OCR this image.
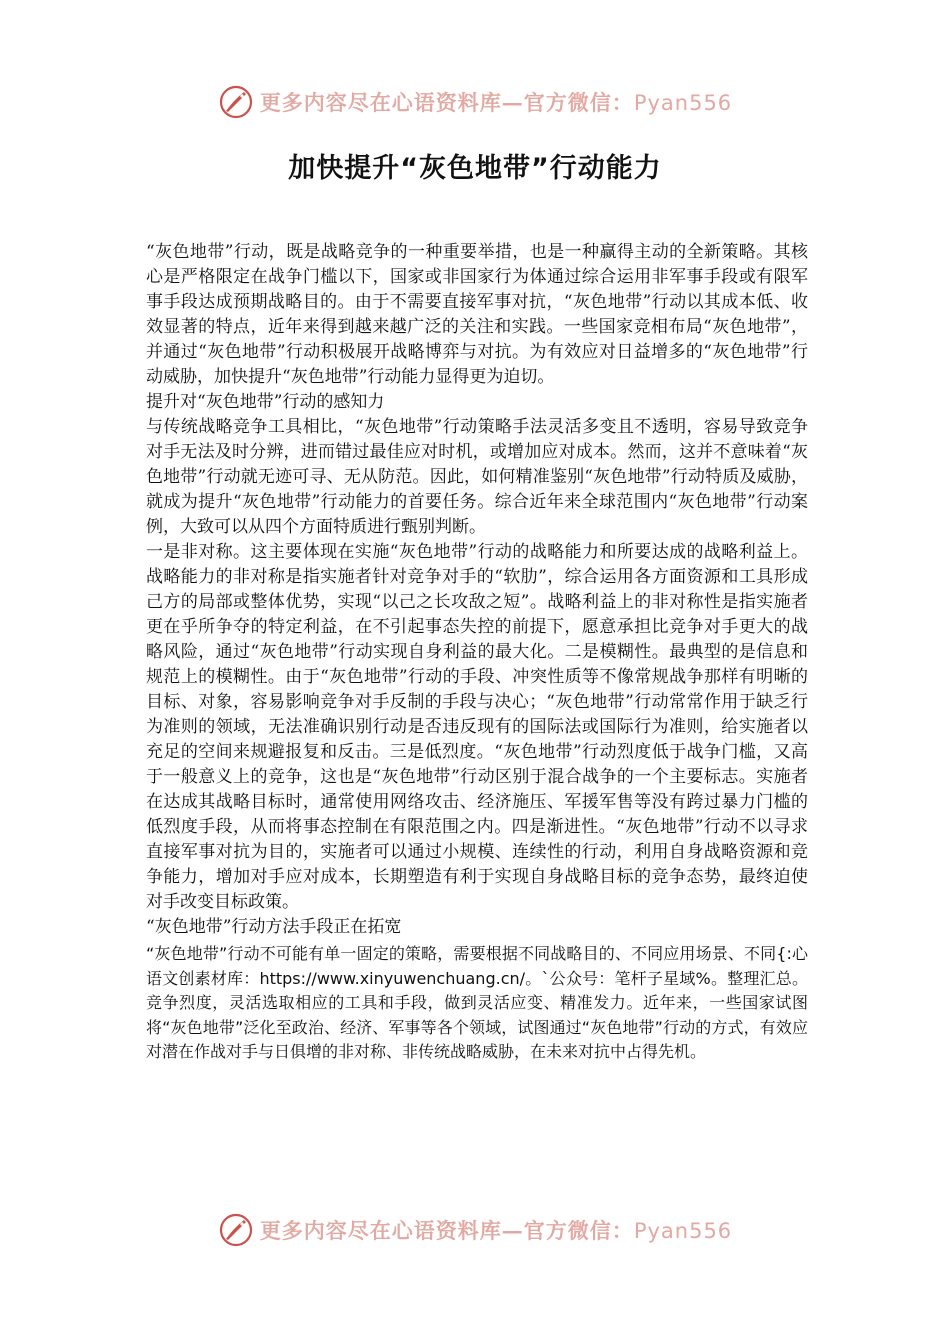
更多内容尽在心语资料库—官方微信：Pyan556
加快提升“灰色地带”行动能力

“灰色地带”行动，既是战略竞争的一种重要举措，也是一种赢得主动的全新策略。其核心是严格限定在战争门槛以下，国家或非国家行为体通过综合运用非军事手段或有限军事手段达成预期战略目的。由于不需要直接军事对抗，“灰色地带”行动以其成本低、收效显著的特点，近年来得到越来越广泛的关注和实践。一些国家竞相布局“灰色地带”，并通过“灰色地带”行动积极展开战略博弈与对抗。为有效应对日益增多的“灰色地带”行动威胁，加快提升“灰色地带”行动能力显得更为迫切。

提升对“灰色地带”行动的感知力

与传统战略竞争工具相比，“灰色地带”行动策略手法灵活多变且不透明，容易导致竞争对手无法及时分辨，进而错过最佳应对时机，或增加应对成本。然而，这并不意味着“灰色地带”行动就无迹可寻、无从防范。因此，如何精准鉴别“灰色地带”行动特质及威胁，就成为提升“灰色地带”行动能力的首要任务。综合近年来全球范围内“灰色地带”行动案例，大致可以从四个方面特质进行甄别判断。

一是非对称。这主要体现在实施“灰色地带”行动的战略能力和所要达成的战略利益上。战略能力的非对称是指实施者针对竞争对手的“软肋”，综合运用各方面资源和工具形成己方的局部或整体优势，实现“以己之长攻敌之短”。战略利益上的非对称性是指实施者更在乎所争夺的特定利益，在不引起事态失控的前提下，愿意承担比竞争对手更大的战略风险，通过“灰色地带”行动实现自身利益的最大化。二是模糊性。最典型的是信息和规范上的模糊性。由于“灰色地带”行动的手段、冲突性质等不像常规战争那样有明晰的目标、对象，容易影响竞争对手反制的手段与决心；“灰色地带”行动常常作用于缺乏行为准则的领域，无法准确识别行动是否违反现有的国际法或国际行为准则，给实施者以充足的空间来规避报复和反击。三是低烈度。“灰色地带”行动烈度低于战争门槛，又高于一般意义上的竞争，这也是“灰色地带”行动区别于混合战争的一个主要标志。实施者在达成其战略目标时，通常使用网络攻击、经济施压、军援军售等没有跨过暴力门槛的低烈度手段，从而将事态控制在有限范围之内。四是渐进性。“灰色地带”行动不以寻求直接军事对抗为目的，实施者可以通过小规模、连续性的行动，利用自身战略资源和竞争能力，增加对手应对成本，长期塑造有利于实现自身战略目标的竞争态势，最终迫使对手改变目标政策。

“灰色地带”行动方法手段正在拓宽

“灰色地带”行动不可能有单一固定的策略，需要根据不同战略目的、不同应用场景、不同{:心语文创素材库：https://www.xinyuwenchuang.cn/。`公众号：笔杆子星域%。整理汇总。竞争烈度，灵活选取相应的工具和手段，做到灵活应变、精准发力。近年来，一些国家试图将“灰色地带”泛化至政治、经济、军事等各个领域，试图通过“灰色地带”行动的方式，有效应对潜在作战对手与日俱增的非对称、非传统战略威胁，在未来对抗中占得先机。

更多内容尽在心语资料库—官方微信：Pyan556
